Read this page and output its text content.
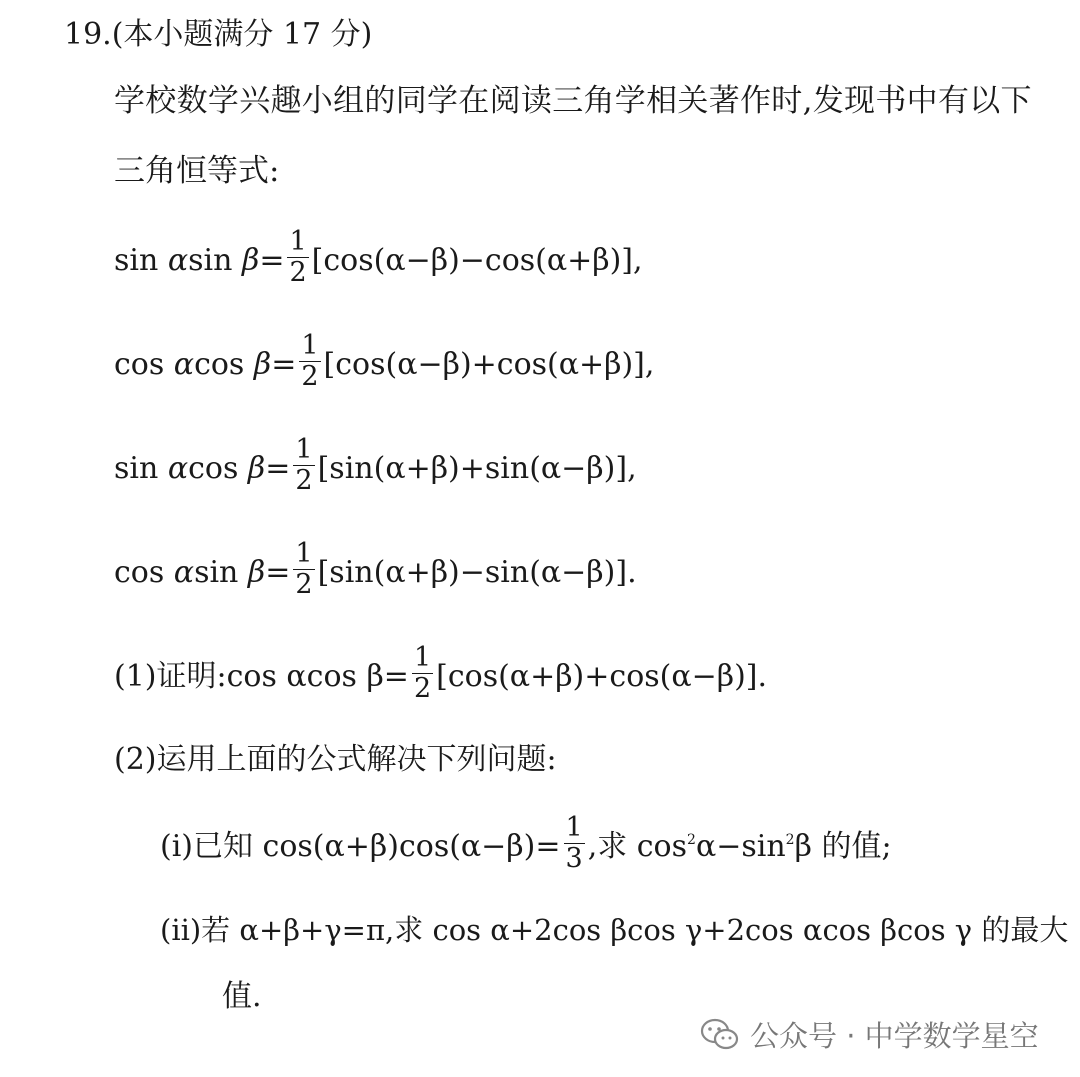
19.(本小题满分 17 分)
学校数学兴趣小组的同学在阅读三角学相关著作时,发现书中有以下
三角恒等式:
sin αsin $\beta= \frac{1}{2} [\cos(\alpha-\beta)-\cos(\alpha+\beta)]$,
cos αcos $\beta= \frac{1}{2} [\cos(\alpha-\beta)+\cos(\alpha+\beta)]$,
sin αcos $\beta= \frac{1}{2} [\sin(\alpha+\beta)+\sin(\alpha-\beta)]$,
cos αsin $\beta= \frac{1}{2} [\sin(\alpha+\beta)-\sin(\alpha-\beta)]$.
(1)证明:cos αcos $\beta= \frac{1}{2} [\cos(\alpha+\beta)+\cos(\alpha-\beta)]$.
(2)运用上面的公式解决下列问题:
(ⅰ)已知 $\cos(\alpha+\beta)\cos(\alpha-\beta)= \frac{1}{3}$ ,求 $\cos^2\alpha-\sin^2\beta$ 的值;
(ⅱ)若 α+β+γ=π,求 cos α+2cos βcos γ+2cos αcos βcos γ 的最大
值.
公众号 · 中学数学星空
